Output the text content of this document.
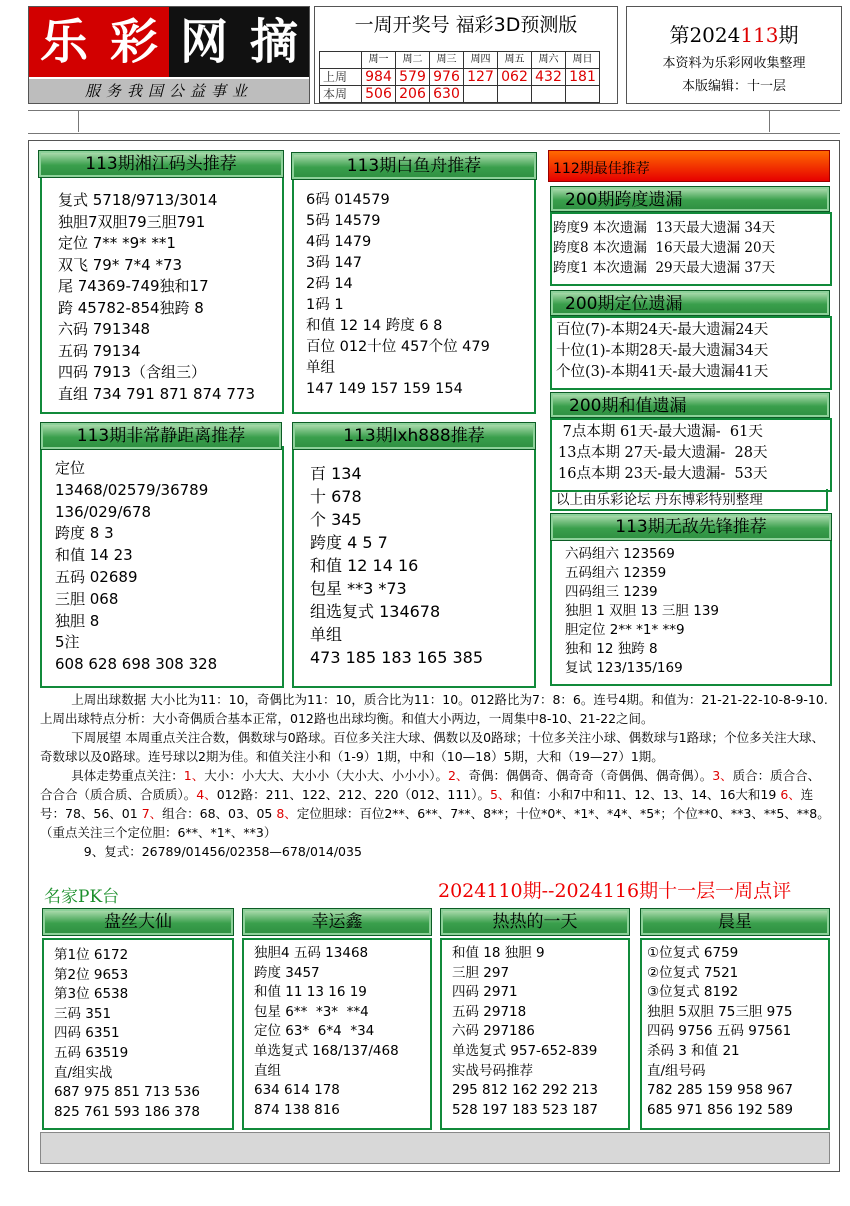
乐 彩 网 摘
服务我国公益事业
一周开奖号 福彩3D预测版
	周一	周二	周三	周四	周五	周六	周日
上周	984	579	976	127	062	432	181
本周	506	206	630				
第2024113期
本资料为乐彩网收集整理
本版编辑：十一层
113期湘江码头推荐
复式 5718/9713/3014
独胆7双胆79三胆791
定位 7** *9* **1
双飞 79* 7*4 *73
尾 74369-749独和17
跨 45782-854独跨 8
六码 791348
五码 79134
四码 7913（含组三）
直组 734 791 871 874 773
113期白鱼舟推荐
6码 014579
5码 14579
4码 1479
3码 147
2码 14
1码 1
和值 12 14 跨度 6 8
百位 012十位 457个位 479
单组
147 149 157 159 154
112期最佳推荐
200期跨度遗漏
跨度9 本次遗漏  13天最大遗漏 34天
跨度8 本次遗漏  16天最大遗漏 20天
跨度1 本次遗漏  29天最大遗漏 37天
200期定位遗漏
百位(7)-本期24天-最大遗漏24天
十位(1)-本期28天-最大遗漏34天
个位(3)-本期41天-最大遗漏41天
200期和值遗漏
7点本期 61天-最大遗漏-  61天
13点本期 27天-最大遗漏-  28天
16点本期 23天-最大遗漏-  53天
以上由乐彩论坛 丹东博彩特别整理
113期非常静距离推荐
定位
13468/02579/36789
136/029/678
跨度 8 3
和值 14 23
五码 02689
三胆 068
独胆 8
5注
608 628 698 308 328
113期lxh888推荐
百 134
十 678
个 345
跨度 4 5 7
和值 12 14 16
包星 **3 *73
组选复式 134678
单组
473 185 183 165 385
113期无敌先锋推荐
六码组六 123569
五码组六 12359
四码组三 1239
独胆 1 双胆 13 三胆 139
胆定位 2** *1* **9
独和 12 独跨 8
复试 123/135/169

上周出球数据 大小比为11：10，奇偶比为11：10，质合比为11：10。012路比为7：8：6。连号4期。和值为：21-21-22-10-8-9-10.上周出球特点分析：大小奇偶质合基本正常，012路也出球均衡。和值大小两边，一周集中8-10、21-22之间。

下周展望 本周重点关注合数，偶数球与0路球。百位多关注大球、偶数以及0路球；十位多关注小球、偶数球与1路球；个位多关注大球、奇数球以及0路球。连号球以2期为佳。和值关注小和（1-9）1期，中和（10—18）5期，大和（19—27）1期。

具体走势重点关注：1、大小：小大大、大小小（大小大、小小小）。2、奇偶：偶偶奇、偶奇奇（奇偶偶、偶奇偶）。3、质合：质合合、合合合（质合质、合质质）。4、012路：211、122、212、220（012、111）。5、和值：小和7中和11、12、13、14、16大和19 6、连号：78、56、01 7、组合：68、03、05 8、定位胆球：百位2**、6**、7**、8**；十位*0*、*1*、*4*、*5*；个位**0、**3、**5、**8。（重点关注三个定位胆：6**、*1*、**3）

9、复式：26789/01456/02358—678/014/035

名家PK台	2024110期--2024116期十一层一周点评
盘丝大仙
第1位 6172
第2位 9653
第3位 6538
三码 351
四码 6351
五码 63519
直/组实战
687 975 851 713 536
825 761 593 186 378
幸运鑫
独胆4 五码 13468
跨度 3457
和值 11 13 16 19
包星 6**  *3*  **4
定位 63*  6*4  *34
单选复式 168/137/468
直组
634 614 178
874 138 816
热热的一天
和值 18 独胆 9
三胆 297
四码 2971
五码 29718
六码 297186
单选复式 957-652-839
实战号码推荐
295 812 162 292 213
528 197 183 523 187
晨星
①位复式 6759
②位复式 7521
③位复式 8192
独胆 5双胆 75三胆 975
四码 9756 五码 97561
杀码 3 和值 21
直/组号码
782 285 159 958 967
685 971 856 192 589
